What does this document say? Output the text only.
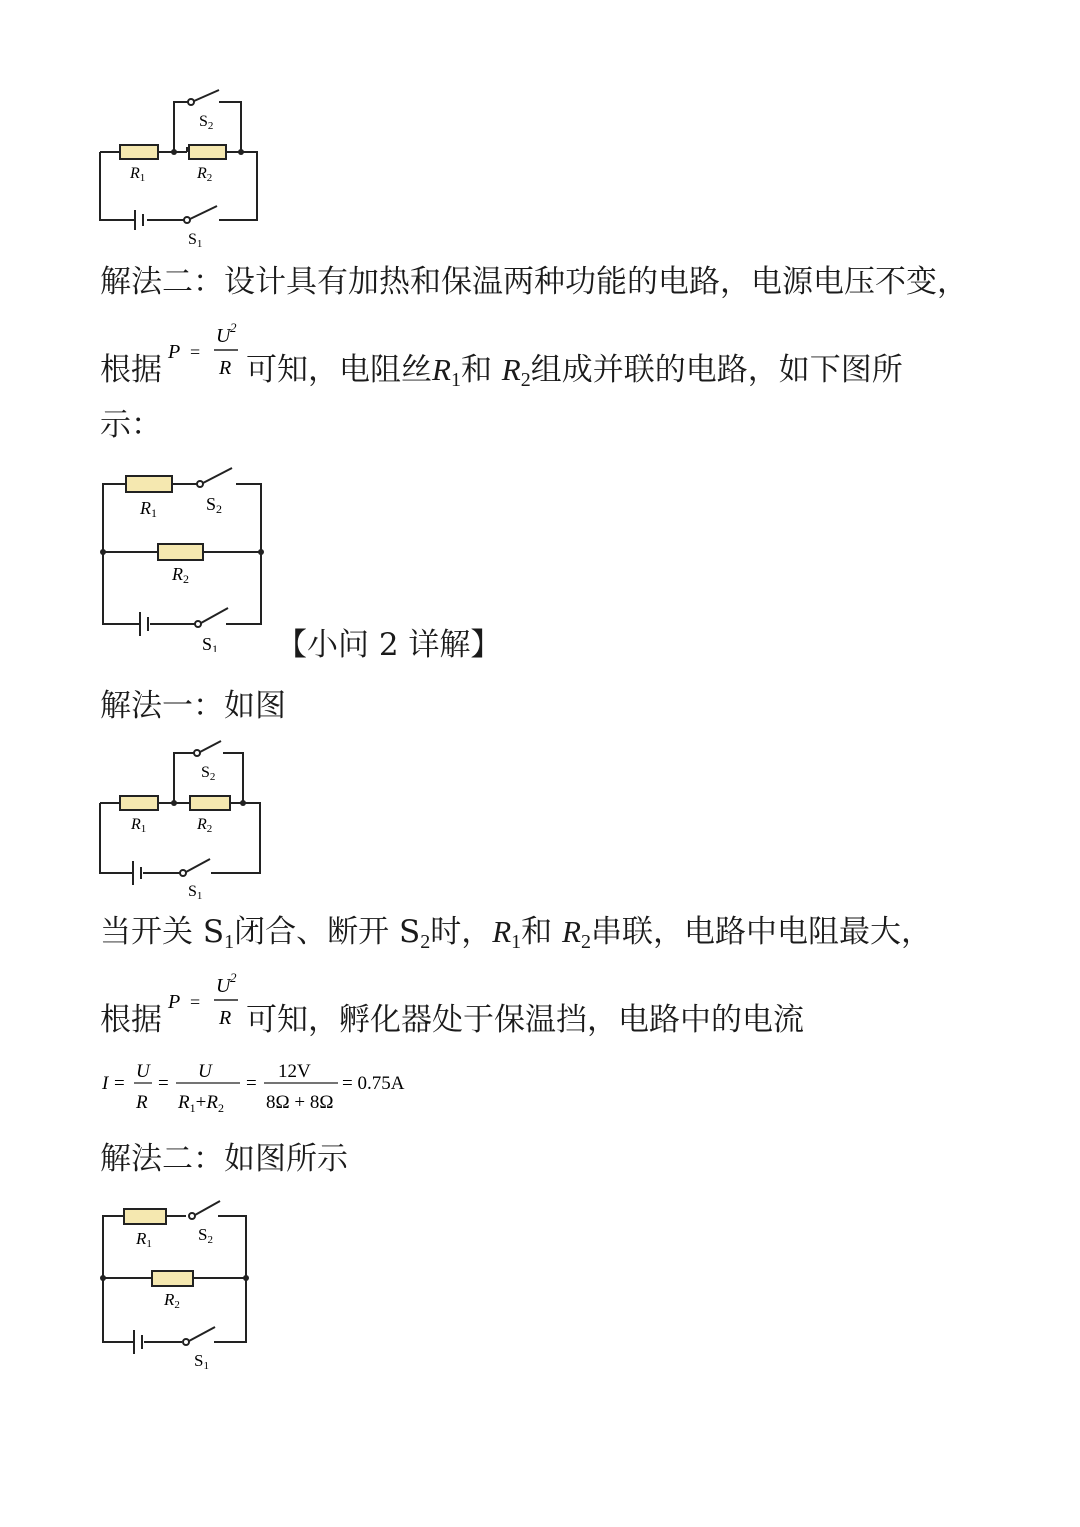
R1	R2
S2
S1
解法二：设计具有加热和保温两种功能的电路，电源电压不变，
根据	可知，电阻丝$R_1$和 $R_2$组成并联的电路，如下图所
P =
U 2
R
示：
R1	S2
R2
S1 【小问 2 详解】
解法一：如图
R1	R2
S2
S1
当开关 $S_1$闭合、断开 $S_2$时，$R_1$和 $R_2$串联，电路中电阻最大，
根据	可知，孵化器处于保温挡，电路中的电流
P =
U 2
R
I =
U
R
=
U
$R_1+R_2$
=
12V
8Ω + 8Ω
= 0.75A
解法二：如图所示
R1	S2
R2
S1
